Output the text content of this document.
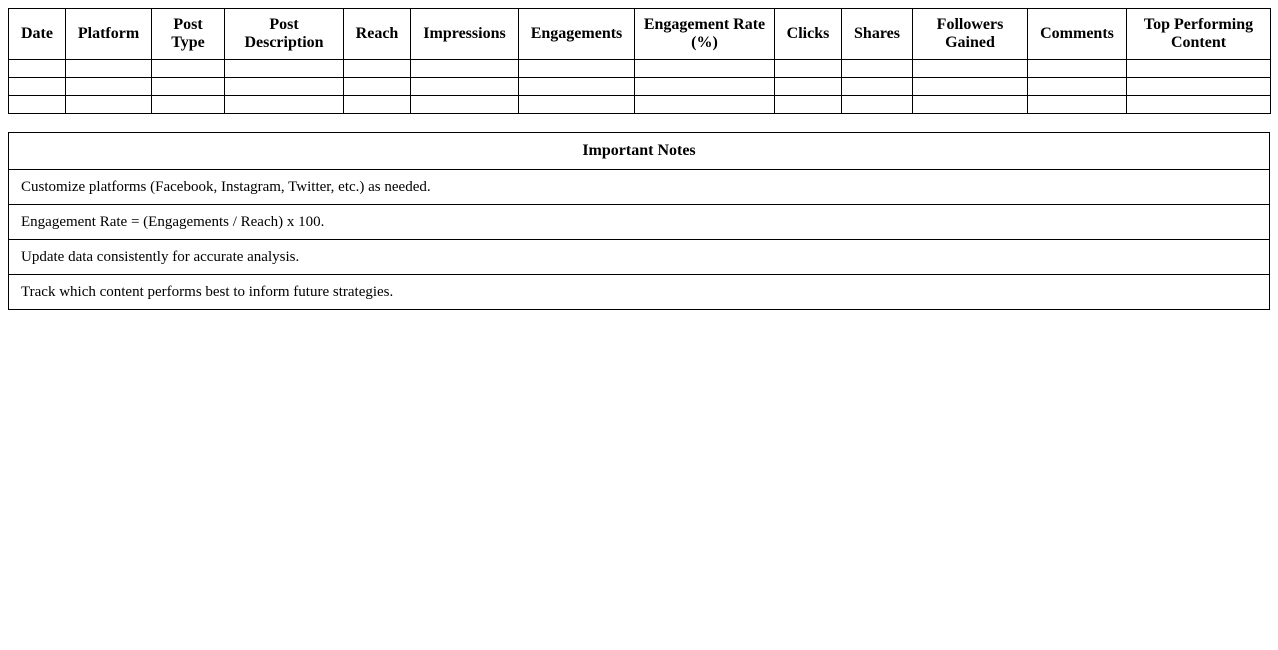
Date	Platform	Post Type	Post Description	Reach	Impressions	Engagements	Engagement Rate (%)	Clicks	Shares	Followers Gained	Comments	Top Performing Content

Important Notes
Customize platforms (Facebook, Instagram, Twitter, etc.) as needed.
Engagement Rate = (Engagements / Reach) x 100.
Update data consistently for accurate analysis.
Track which content performs best to inform future strategies.
